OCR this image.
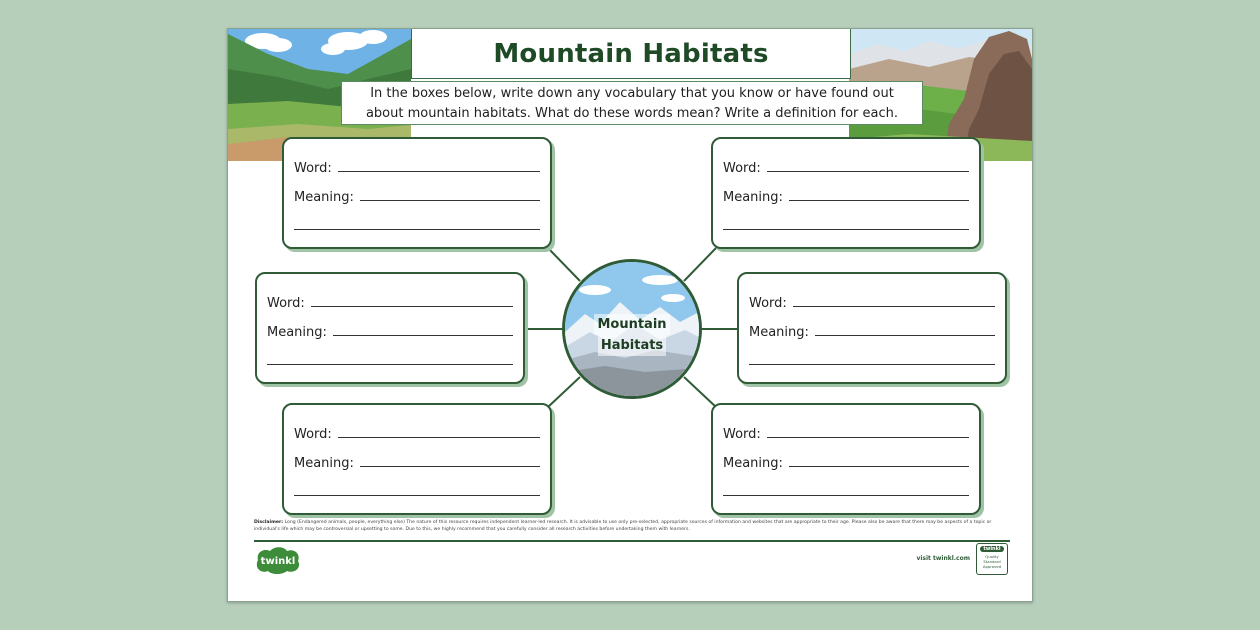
Mountain Habitats
In the boxes below, write down any vocabulary that you know or have found out
about mountain habitats. What do these words mean? Write a definition for each.
Word:
Meaning:
Word:
Meaning:
Word:
Meaning:
Word:
Meaning:
Word:
Meaning:
Word:
Meaning:
Mountain
Habitats
Disclaimer: Long (Endangered animals, people, everything else) The nature of this resource requires independent learner-led research. It is advisable to use only pre-selected, appropriate sources of information and websites that are appropriate to their age. Please also be aware that there may be aspects of a topic or individual's life which may be controversial or upsetting to some. Due to this, we highly recommend that you carefully consider all research activities before undertaking them with learners.
twinkl	visit twinkl.com
twinkl
Quality Standard Approved
